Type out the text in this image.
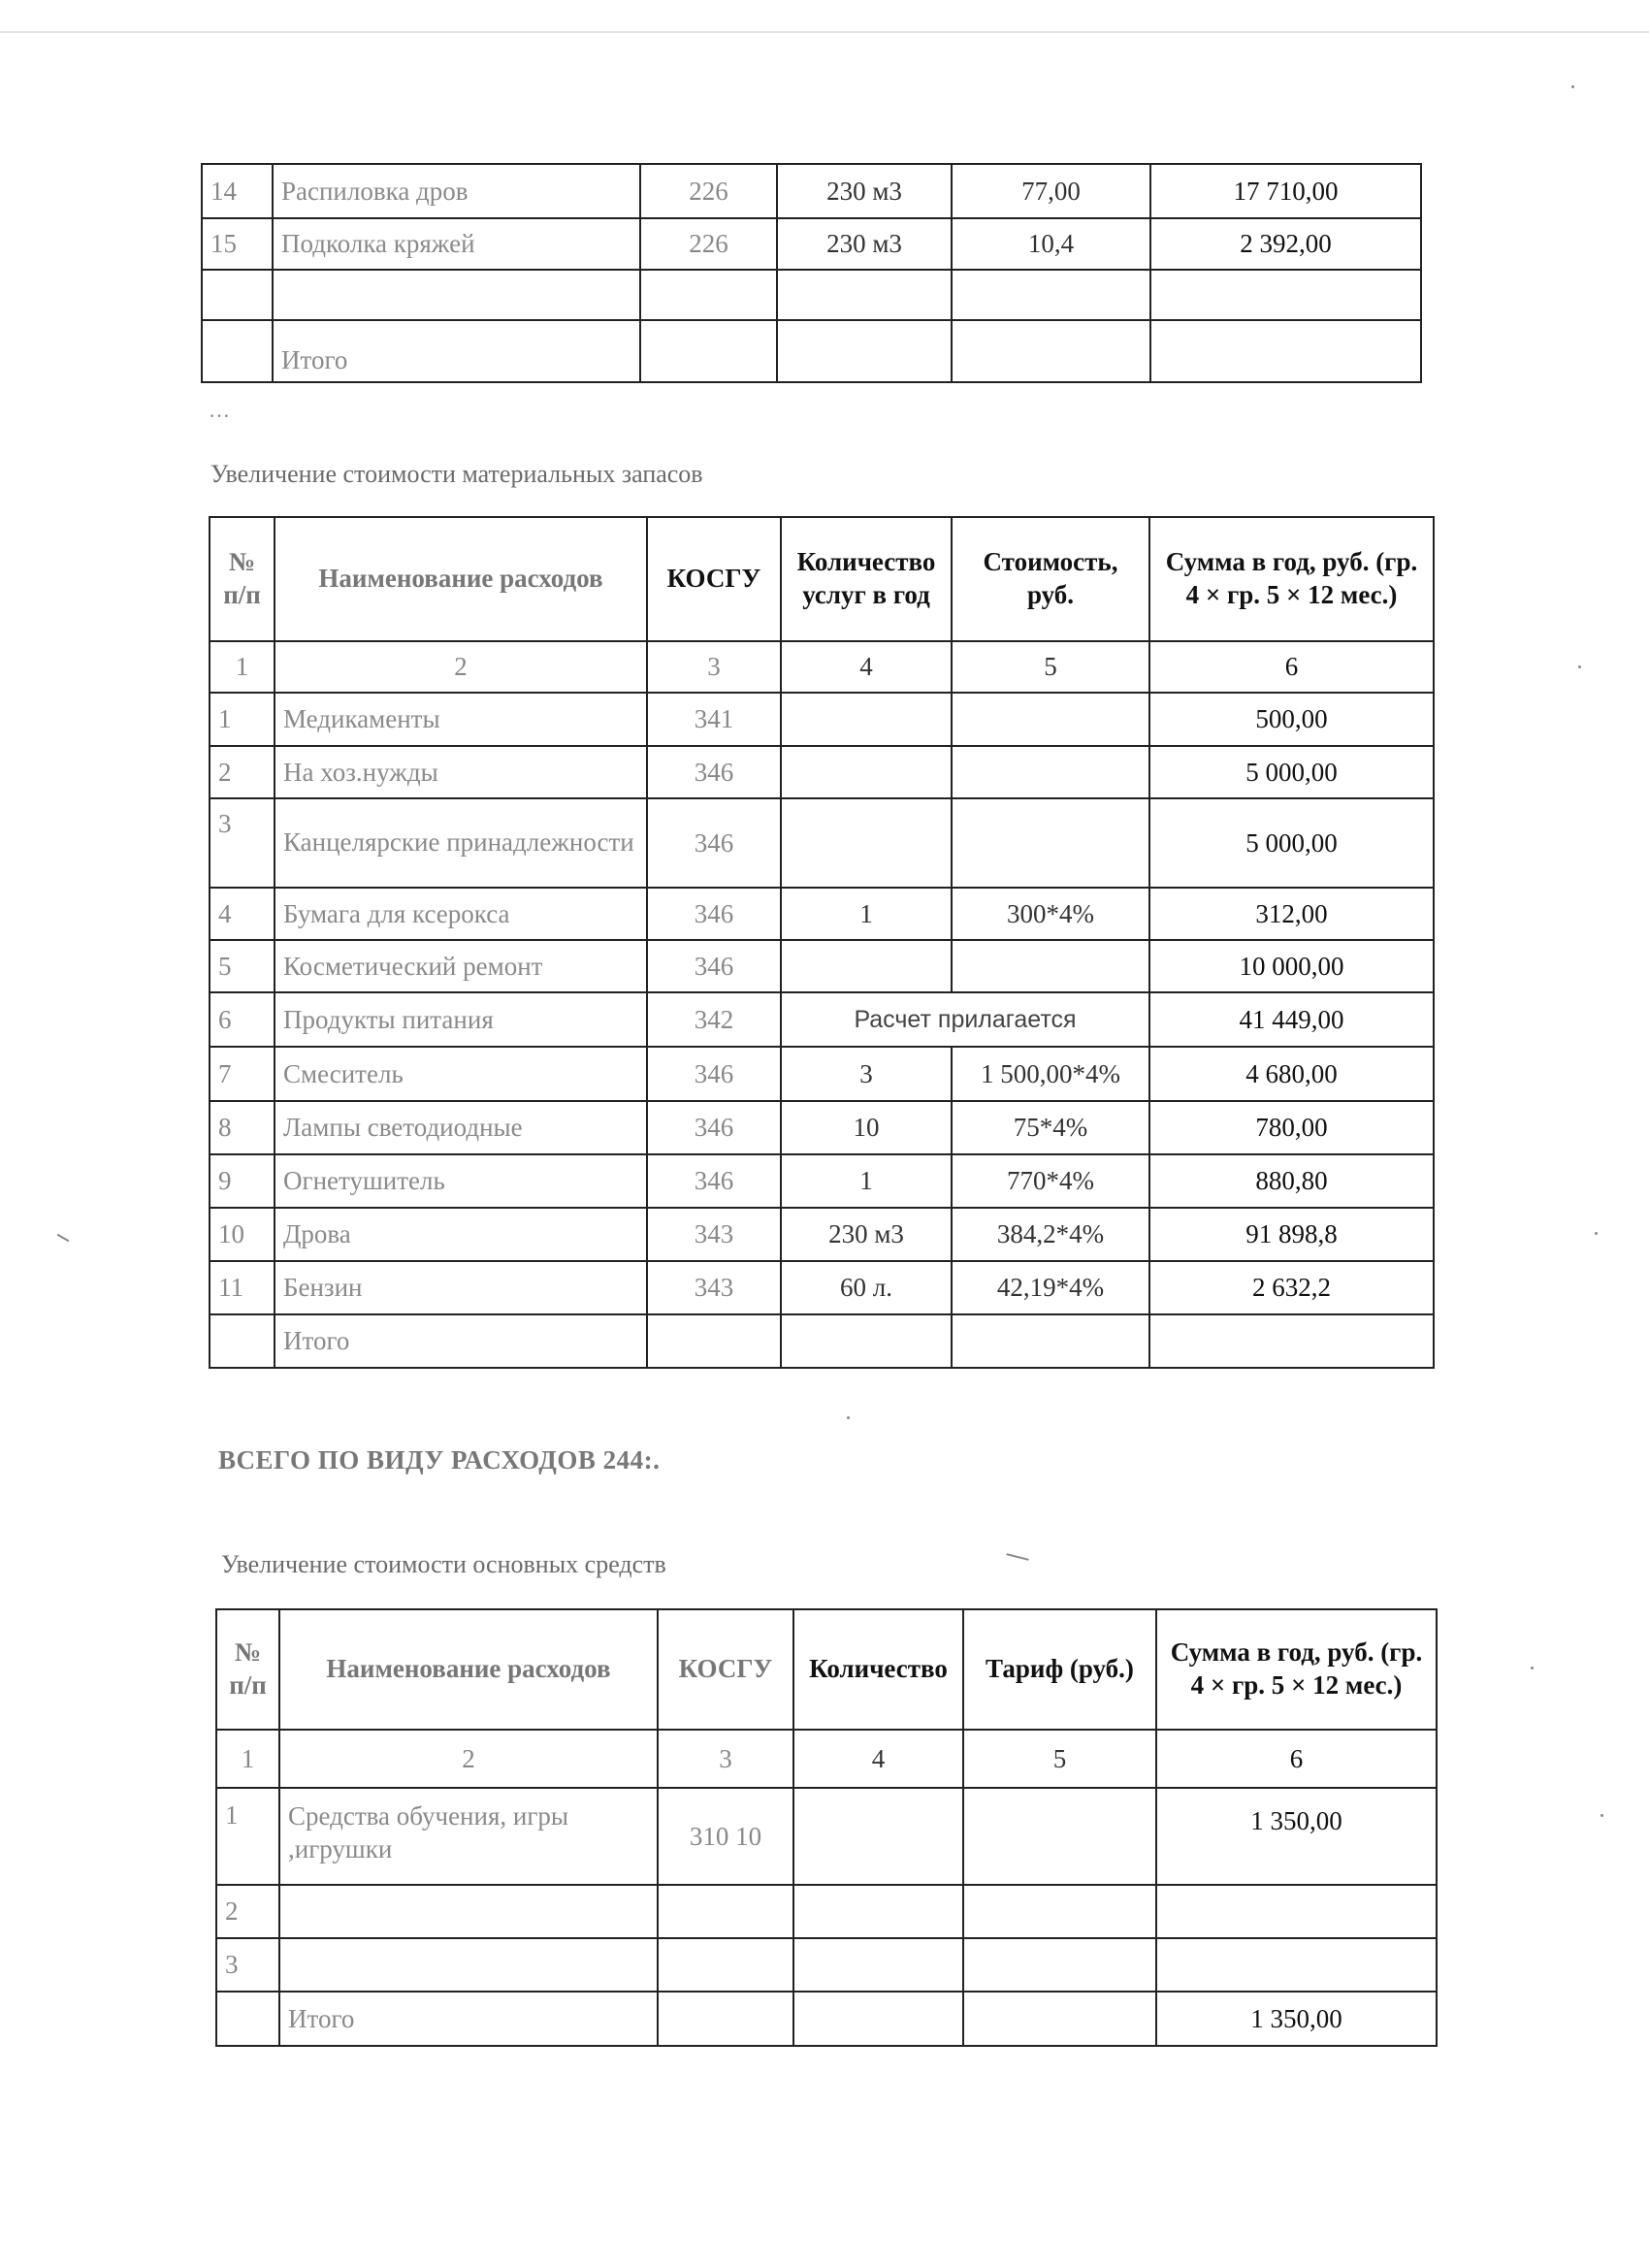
14	Распиловка дров	226	230 м3	77,00	17 710,00
15	Подколка кряжей	226	230 м3	10,4	2 392,00

	Итого				
…
Увеличение стоимости материальных запасов
№ п/п	Наименование расходов	КОСГУ	Количество услуг в год	Стоимость, руб.	Сумма в год, руб. (гр. 4 × гр. 5 × 12 мес.)
1	2	3	4	5	6
1	Медикаменты	341			500,00
2	На хоз.нужды	346			5 000,00
3	Канцелярские принадлежности	346			5 000,00
4	Бумага для ксерокса	346	1	300*4%	312,00
5	Косметический ремонт	346			10 000,00
6	Продукты питания	342	Расчет прилагается		41 449,00
7	Смеситель	346	3	1 500,00*4%	4 680,00
8	Лампы светодиодные	346	10	75*4%	780,00
9	Огнетушитель	346	1	770*4%	880,80
10	Дрова	343	230 м3	384,2*4%	91 898,8
11	Бензин	343	60 л.	42,19*4%	2 632,2
	Итого				
ВСЕГО ПО ВИДУ РАСХОДОВ 244:.
Увеличение стоимости основных средств
№ п/п	Наименование расходов	КОСГУ	Количество	Тариф (руб.)	Сумма в год, руб. (гр. 4 × гр. 5 × 12 мес.)
1	2	3	4	5	6
1	Средства обучения, игры ,игрушки	310 10			1 350,00
2					
3					
	Итого				1 350,00
